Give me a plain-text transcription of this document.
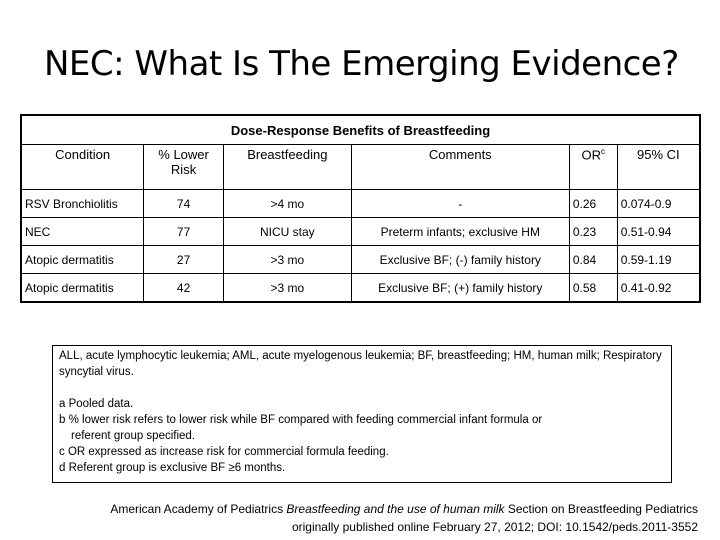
NEC: What Is The Emerging Evidence?
Dose-Response Benefits of Breastfeeding					
Condition	% Lower Risk	Breastfeeding	Comments	$OR^c$	95% CI
RSV Bronchiolitis	74	>4 mo	-	0.26	0.074-0.9
NEC	77	NICU stay	Preterm infants; exclusive HM	0.23	0.51-0.94
Atopic dermatitis	27	>3 mo	Exclusive BF; (-) family history	0.84	0.59-1.19
Atopic dermatitis	42	>3 mo	Exclusive BF; (+) family history	0.58	0.41-0.92
ALL, acute lymphocytic leukemia; AML, acute myelogenous leukemia; BF, breastfeeding; HM, human milk; Respiratory syncytial virus.
a Pooled data.
b % lower risk refers to lower risk while BF compared with feeding commercial infant formula or
referent group specified.
c OR expressed as increase risk for commercial formula feeding.
d Referent group is exclusive BF ≥6 months.
American Academy of Pediatrics Breastfeeding and the use of human milk Section on Breastfeeding Pediatrics
originally published online February 27, 2012; DOI: 10.1542/peds.2011-3552
